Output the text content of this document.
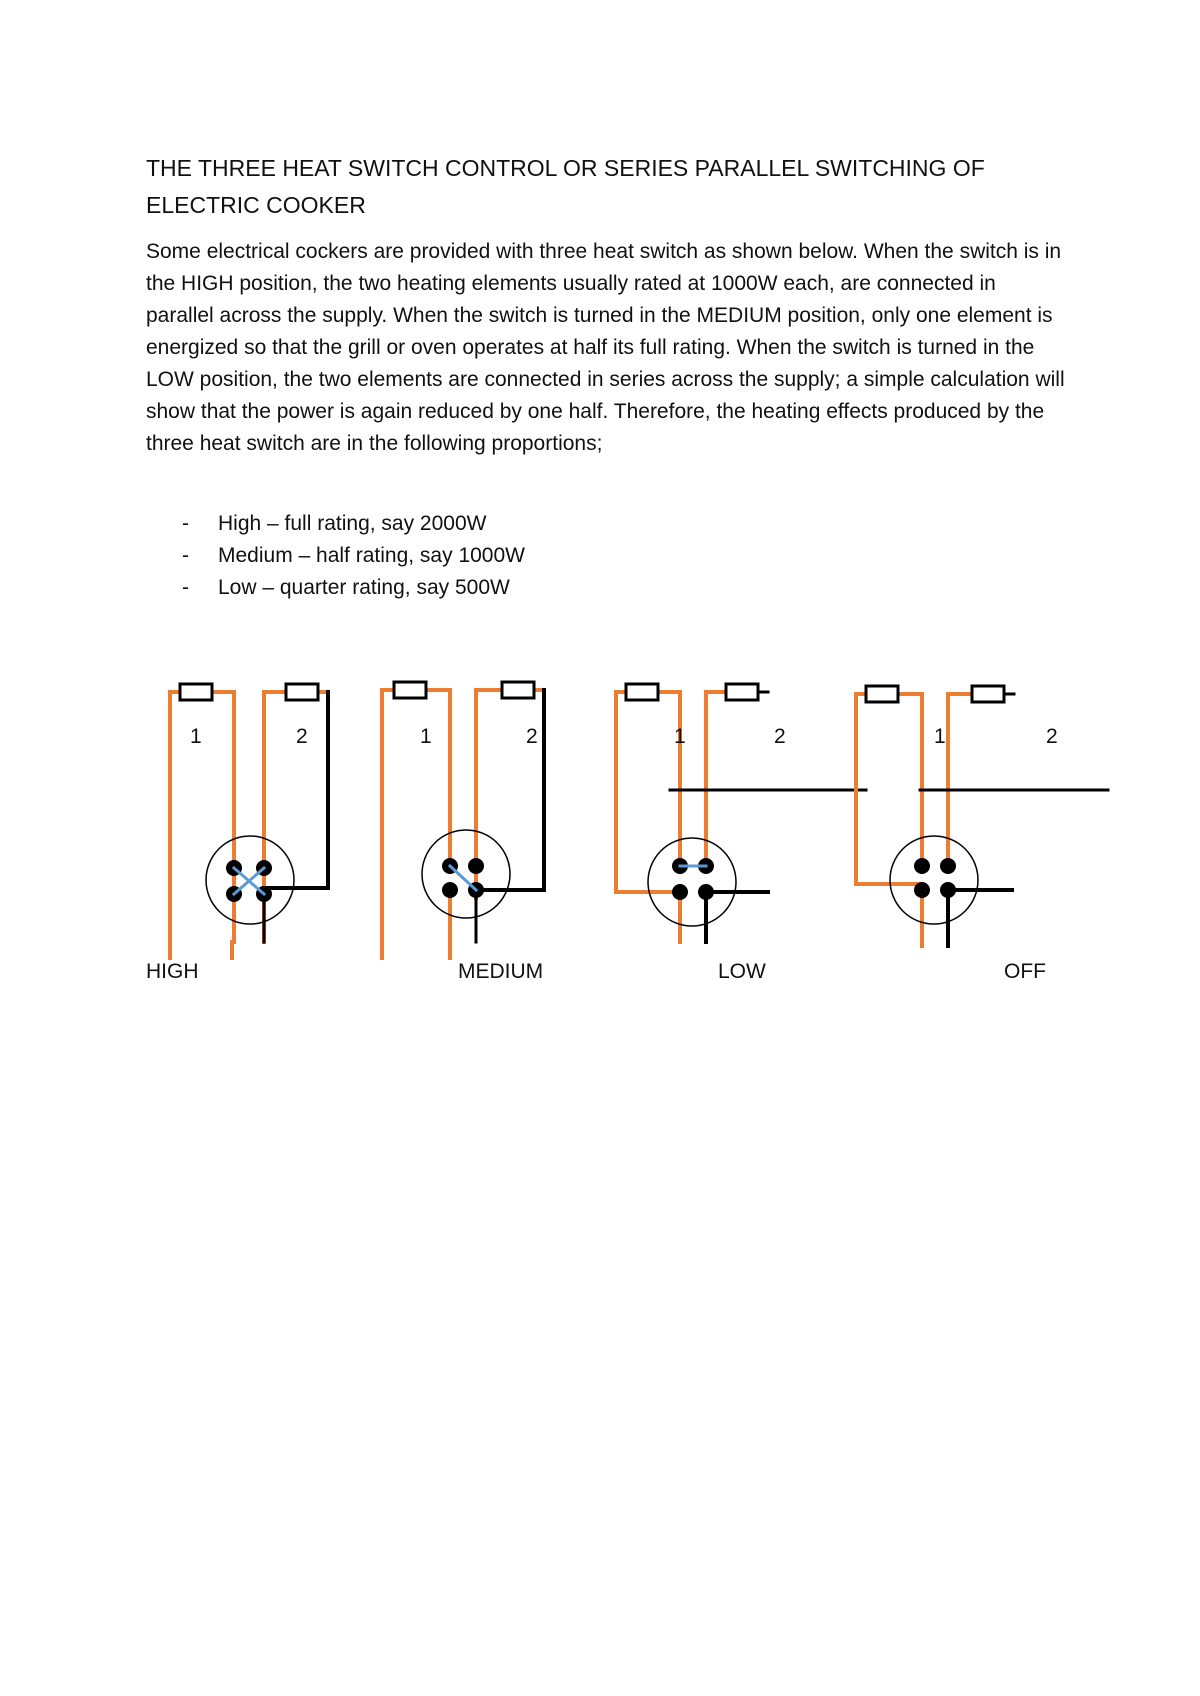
THE THREE HEAT SWITCH CONTROL OR SERIES PARALLEL SWITCHING OF ELECTRIC COOKER

Some electrical cockers are provided with three heat switch as shown below. When the switch is in the HIGH position, the two heating elements usually rated at 1000W each, are connected in parallel across the supply. When the switch is turned in the MEDIUM position, only one element is energized so that the grill or oven operates at half its full rating. When the switch is turned in the LOW position, the two elements are connected in series across the supply; a simple calculation will show that the power is again reduced by one half. Therefore, the heating effects produced by the three heat switch are in the following proportions;

- High – full rating, say 2000W
- Medium – half rating, say 1000W
- Low – quarter rating, say 500W
1	2	1	2	1	2	1	2

HIGH	MEDIUM	LOW	OFF
